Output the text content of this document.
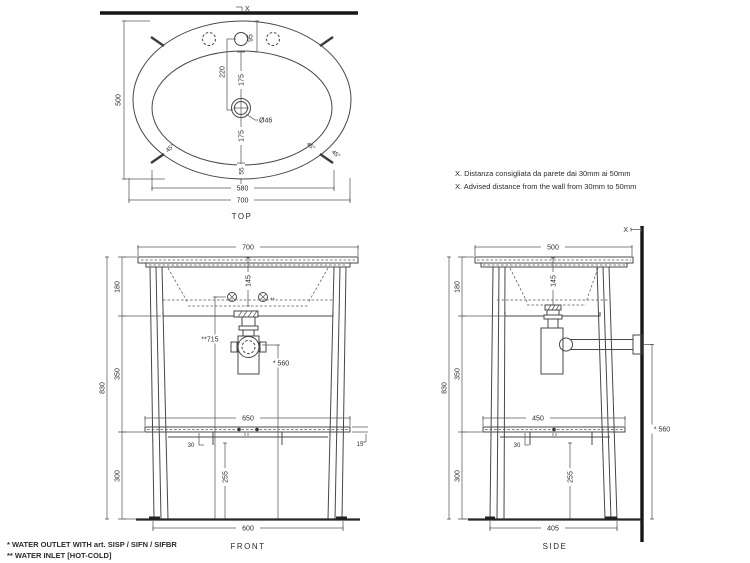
X
95
220
175
175
55
Ø46
45°	45°
45°
500
580
700
TOP
700
**
**715
* 560
180
350
300
830
145
650
30	15
255
600
FRONT
X
500
145
* 560
180
350
300
830
450
30
255
405
SIDE
X. Distanza consigliata da parete dai 30mm ai 50mm
X. Advised distance from the wall from 30mm to 50mm
* WATER OUTLET WITH art. SISP / SIFN / SIFBR
** WATER INLET [HOT-COLD]
